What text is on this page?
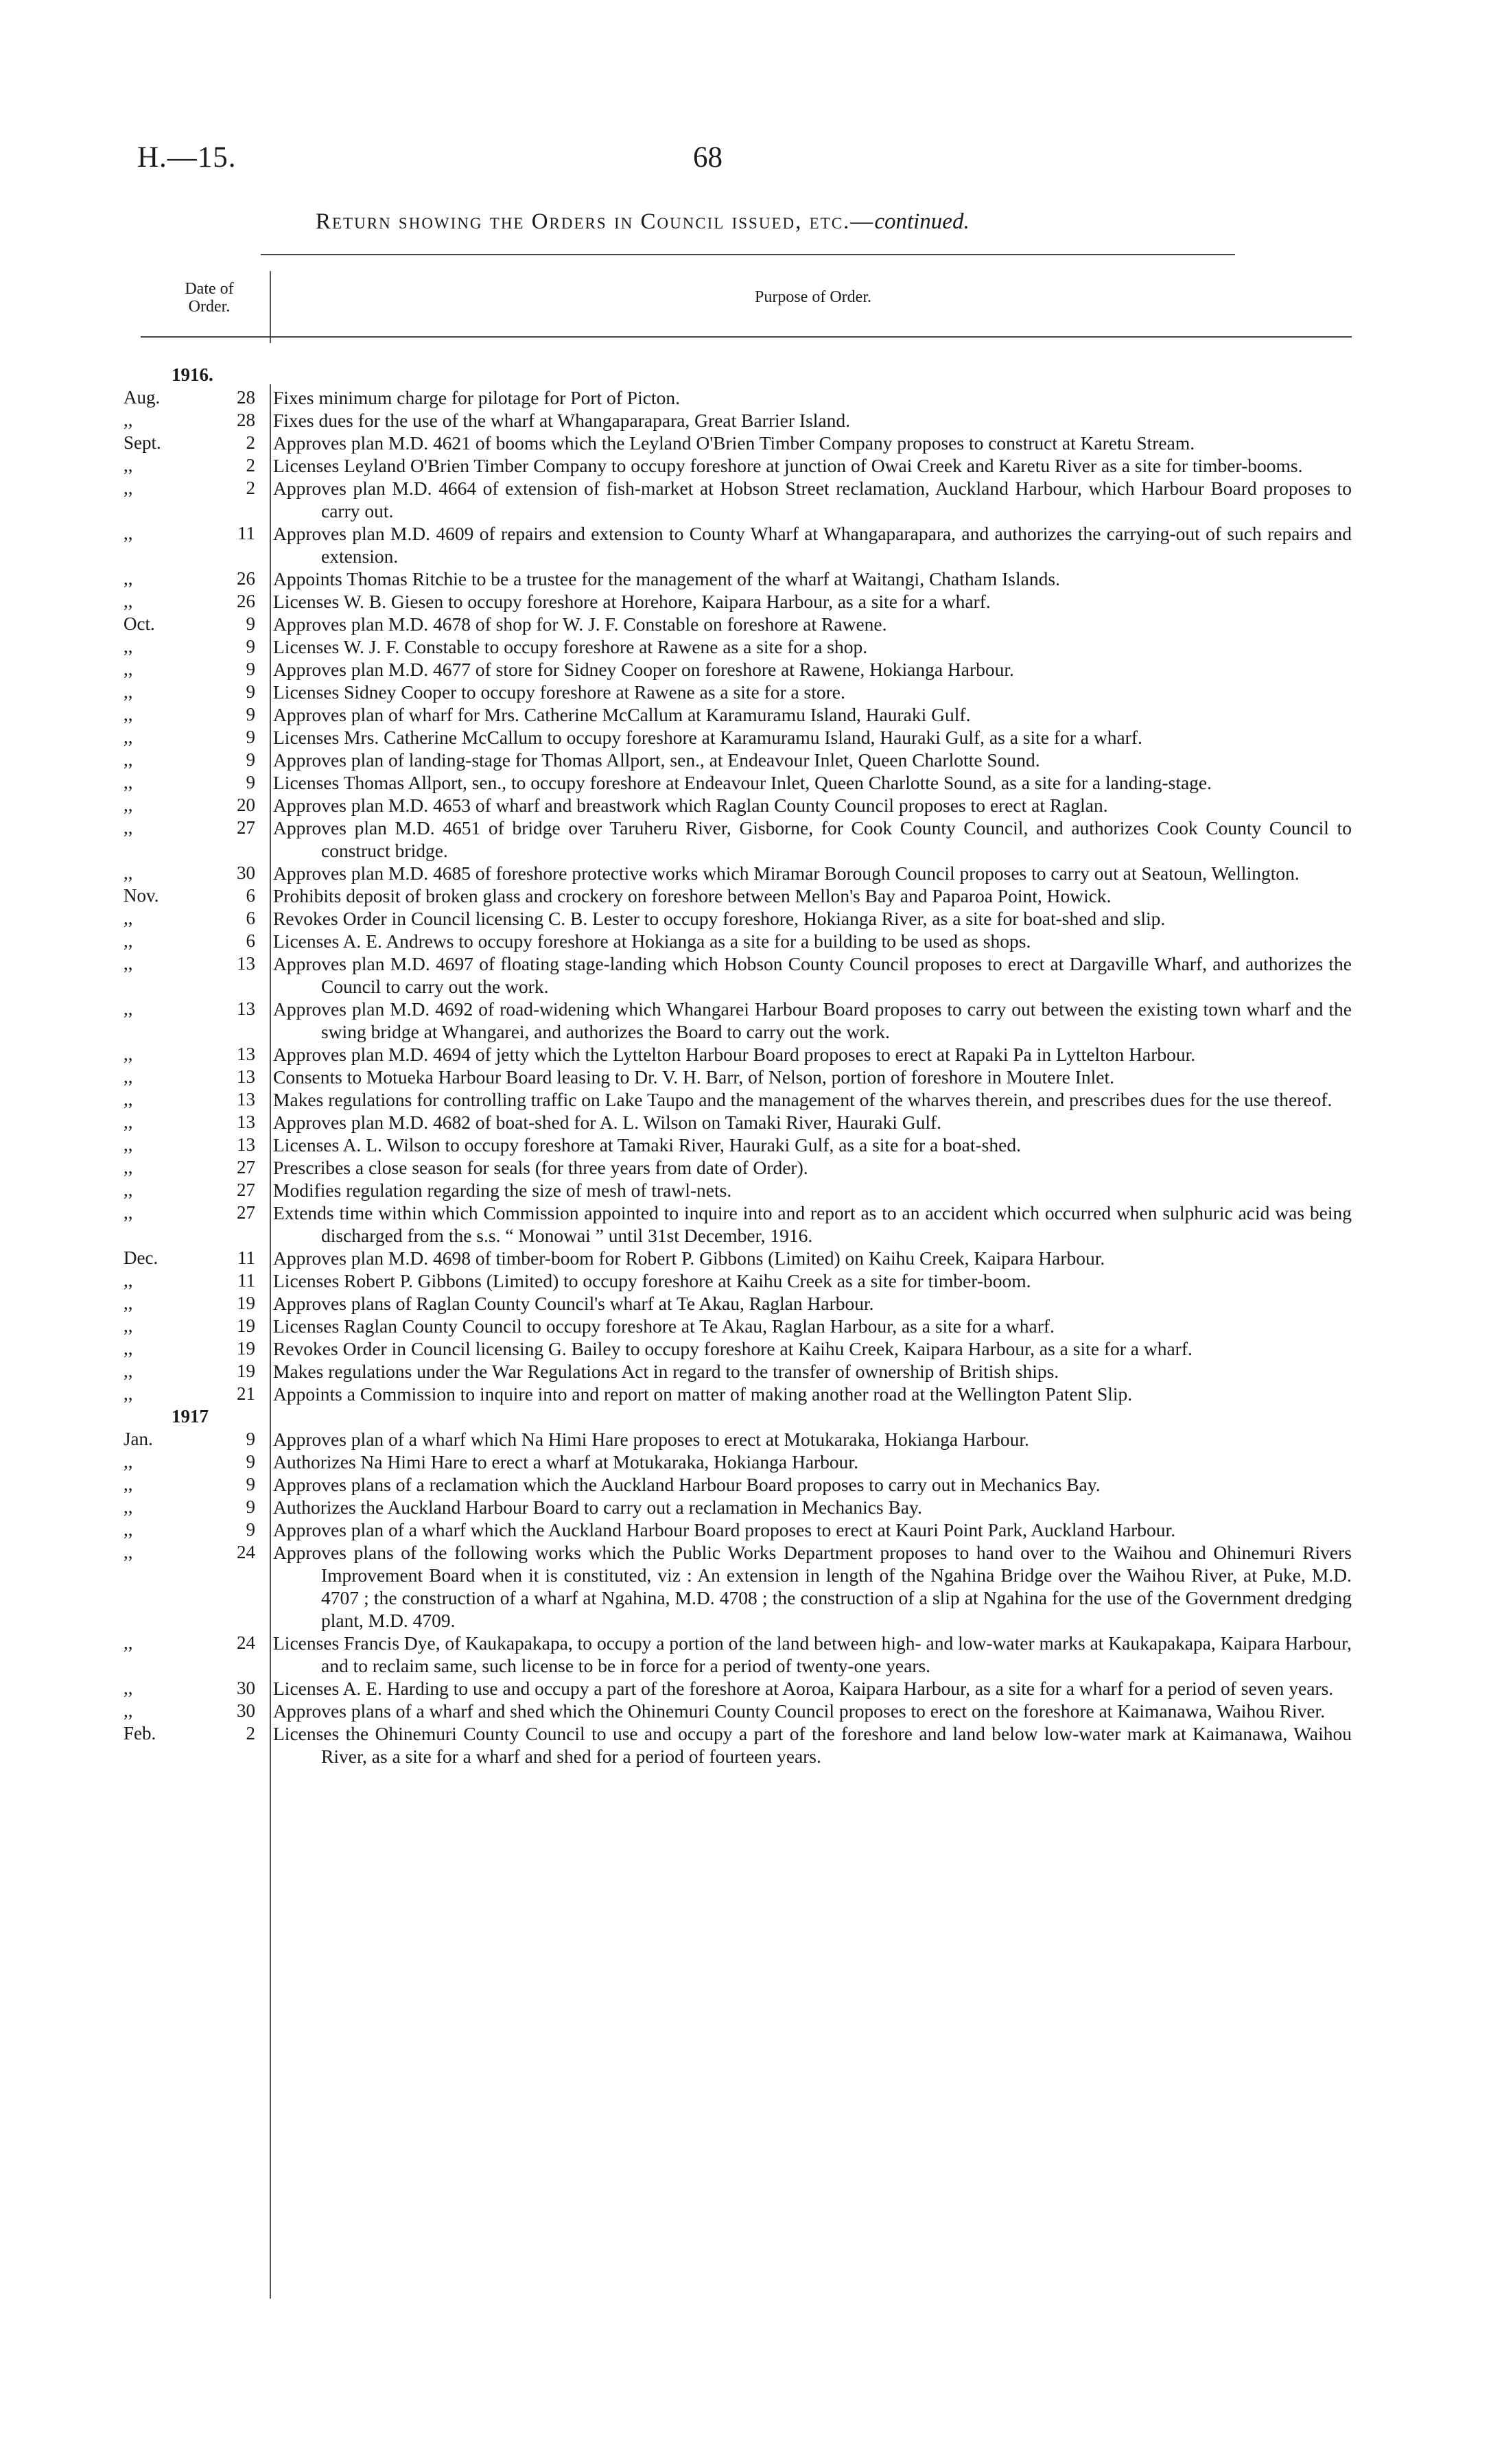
H.—15.	68
Return showing the Orders in Council issued, etc.—continued.
Date of Order.
Purpose of Order.
1916.
Aug.	28 Fixes minimum charge for pilotage for Port of Picton.
,,	28 Fixes dues for the use of the wharf at Whangaparapara, Great Barrier Island.
Sept.	2 Approves plan M.D. 4621 of booms which the Leyland O'Brien Timber Company proposes to construct at Karetu Stream.
,,	2 Licenses Leyland O'Brien Timber Company to occupy foreshore at junction of Owai Creek and Karetu River as a site for timber-booms.
,,	2 Approves plan M.D. 4664 of extension of fish-market at Hobson Street reclamation, Auckland Harbour, which Harbour Board proposes to carry out.
,,	11 Approves plan M.D. 4609 of repairs and extension to County Wharf at Whangaparapara, and authorizes the carrying-out of such repairs and extension.
,,	26 Appoints Thomas Ritchie to be a trustee for the management of the wharf at Waitangi, Chatham Islands.
,,	26 Licenses W. B. Giesen to occupy foreshore at Horehore, Kaipara Harbour, as a site for a wharf.
Oct.	9 Approves plan M.D. 4678 of shop for W. J. F. Constable on foreshore at Rawene.
,,	9 Licenses W. J. F. Constable to occupy foreshore at Rawene as a site for a shop.
,,	9 Approves plan M.D. 4677 of store for Sidney Cooper on foreshore at Rawene, Hokianga Harbour.
,,	9 Licenses Sidney Cooper to occupy foreshore at Rawene as a site for a store.
,,	9 Approves plan of wharf for Mrs. Catherine McCallum at Karamuramu Island, Hauraki Gulf.
,,	9 Licenses Mrs. Catherine McCallum to occupy foreshore at Karamuramu Island, Hauraki Gulf, as a site for a wharf.
,,	9 Approves plan of landing-stage for Thomas Allport, sen., at Endeavour Inlet, Queen Charlotte Sound.
,,	9 Licenses Thomas Allport, sen., to occupy foreshore at Endeavour Inlet, Queen Charlotte Sound, as a site for a landing-stage.
,,	20 Approves plan M.D. 4653 of wharf and breastwork which Raglan County Council proposes to erect at Raglan.
,,	27 Approves plan M.D. 4651 of bridge over Taruheru River, Gisborne, for Cook County Council, and authorizes Cook County Council to construct bridge.
,,	30 Approves plan M.D. 4685 of foreshore protective works which Miramar Borough Council proposes to carry out at Seatoun, Wellington.
Nov.	6 Prohibits deposit of broken glass and crockery on foreshore between Mellon's Bay and Paparoa Point, Howick.
,,	6 Revokes Order in Council licensing C. B. Lester to occupy foreshore, Hokianga River, as a site for boat-shed and slip.
,,	6 Licenses A. E. Andrews to occupy foreshore at Hokianga as a site for a building to be used as shops.
,,	13 Approves plan M.D. 4697 of floating stage-landing which Hobson County Council proposes to erect at Dargaville Wharf, and authorizes the Council to carry out the work.
,,	13 Approves plan M.D. 4692 of road-widening which Whangarei Harbour Board proposes to carry out between the existing town wharf and the swing bridge at Whangarei, and authorizes the Board to carry out the work.
,,	13 Approves plan M.D. 4694 of jetty which the Lyttelton Harbour Board proposes to erect at Rapaki Pa in Lyttelton Harbour.
,,	13 Consents to Motueka Harbour Board leasing to Dr. V. H. Barr, of Nelson, portion of foreshore in Moutere Inlet.
,,	13 Makes regulations for controlling traffic on Lake Taupo and the management of the wharves therein, and prescribes dues for the use thereof.
,,	13 Approves plan M.D. 4682 of boat-shed for A. L. Wilson on Tamaki River, Hauraki Gulf.
,,	13 Licenses A. L. Wilson to occupy foreshore at Tamaki River, Hauraki Gulf, as a site for a boat-shed.
,,	27 Prescribes a close season for seals (for three years from date of Order).
,,	27 Modifies regulation regarding the size of mesh of trawl-nets.
,,	27 Extends time within which Commission appointed to inquire into and report as to an accident which occurred when sulphuric acid was being discharged from the s.s. “ Monowai ” until 31st December, 1916.
Dec.	11 Approves plan M.D. 4698 of timber-boom for Robert P. Gibbons (Limited) on Kaihu Creek, Kaipara Harbour.
,,	11 Licenses Robert P. Gibbons (Limited) to occupy foreshore at Kaihu Creek as a site for timber-boom.
,,	19 Approves plans of Raglan County Council's wharf at Te Akau, Raglan Harbour.
,,	19 Licenses Raglan County Council to occupy foreshore at Te Akau, Raglan Harbour, as a site for a wharf.
,,	19 Revokes Order in Council licensing G. Bailey to occupy foreshore at Kaihu Creek, Kaipara Harbour, as a site for a wharf.
,,	19 Makes regulations under the War Regulations Act in regard to the transfer of ownership of British ships.
,,	21 Appoints a Commission to inquire into and report on matter of making another road at the Wellington Patent Slip.
1917
Jan.	9 Approves plan of a wharf which Na Himi Hare proposes to erect at Motukaraka, Hokianga Harbour.
,,	9 Authorizes Na Himi Hare to erect a wharf at Motukaraka, Hokianga Harbour.
,,	9 Approves plans of a reclamation which the Auckland Harbour Board proposes to carry out in Mechanics Bay.
,,	9 Authorizes the Auckland Harbour Board to carry out a reclamation in Mechanics Bay.
,,	9 Approves plan of a wharf which the Auckland Harbour Board proposes to erect at Kauri Point Park, Auckland Harbour.
,,	24 Approves plans of the following works which the Public Works Department proposes to hand over to the Waihou and Ohinemuri Rivers Improvement Board when it is constituted, viz : An extension in length of the Ngahina Bridge over the Waihou River, at Puke, M.D. 4707 ; the construction of a wharf at Ngahina, M.D. 4708 ; the construction of a slip at Ngahina for the use of the Government dredging plant, M.D. 4709.
,,	24 Licenses Francis Dye, of Kaukapakapa, to occupy a portion of the land between high- and low-water marks at Kaukapakapa, Kaipara Harbour, and to reclaim same, such license to be in force for a period of twenty-one years.
,,	30 Licenses A. E. Harding to use and occupy a part of the foreshore at Aoroa, Kaipara Harbour, as a site for a wharf for a period of seven years.
,,	30 Approves plans of a wharf and shed which the Ohinemuri County Council proposes to erect on the foreshore at Kaimanawa, Waihou River.
Feb.	2 Licenses the Ohinemuri County Council to use and occupy a part of the foreshore and land below low-water mark at Kaimanawa, Waihou River, as a site for a wharf and shed for a period of fourteen years.
